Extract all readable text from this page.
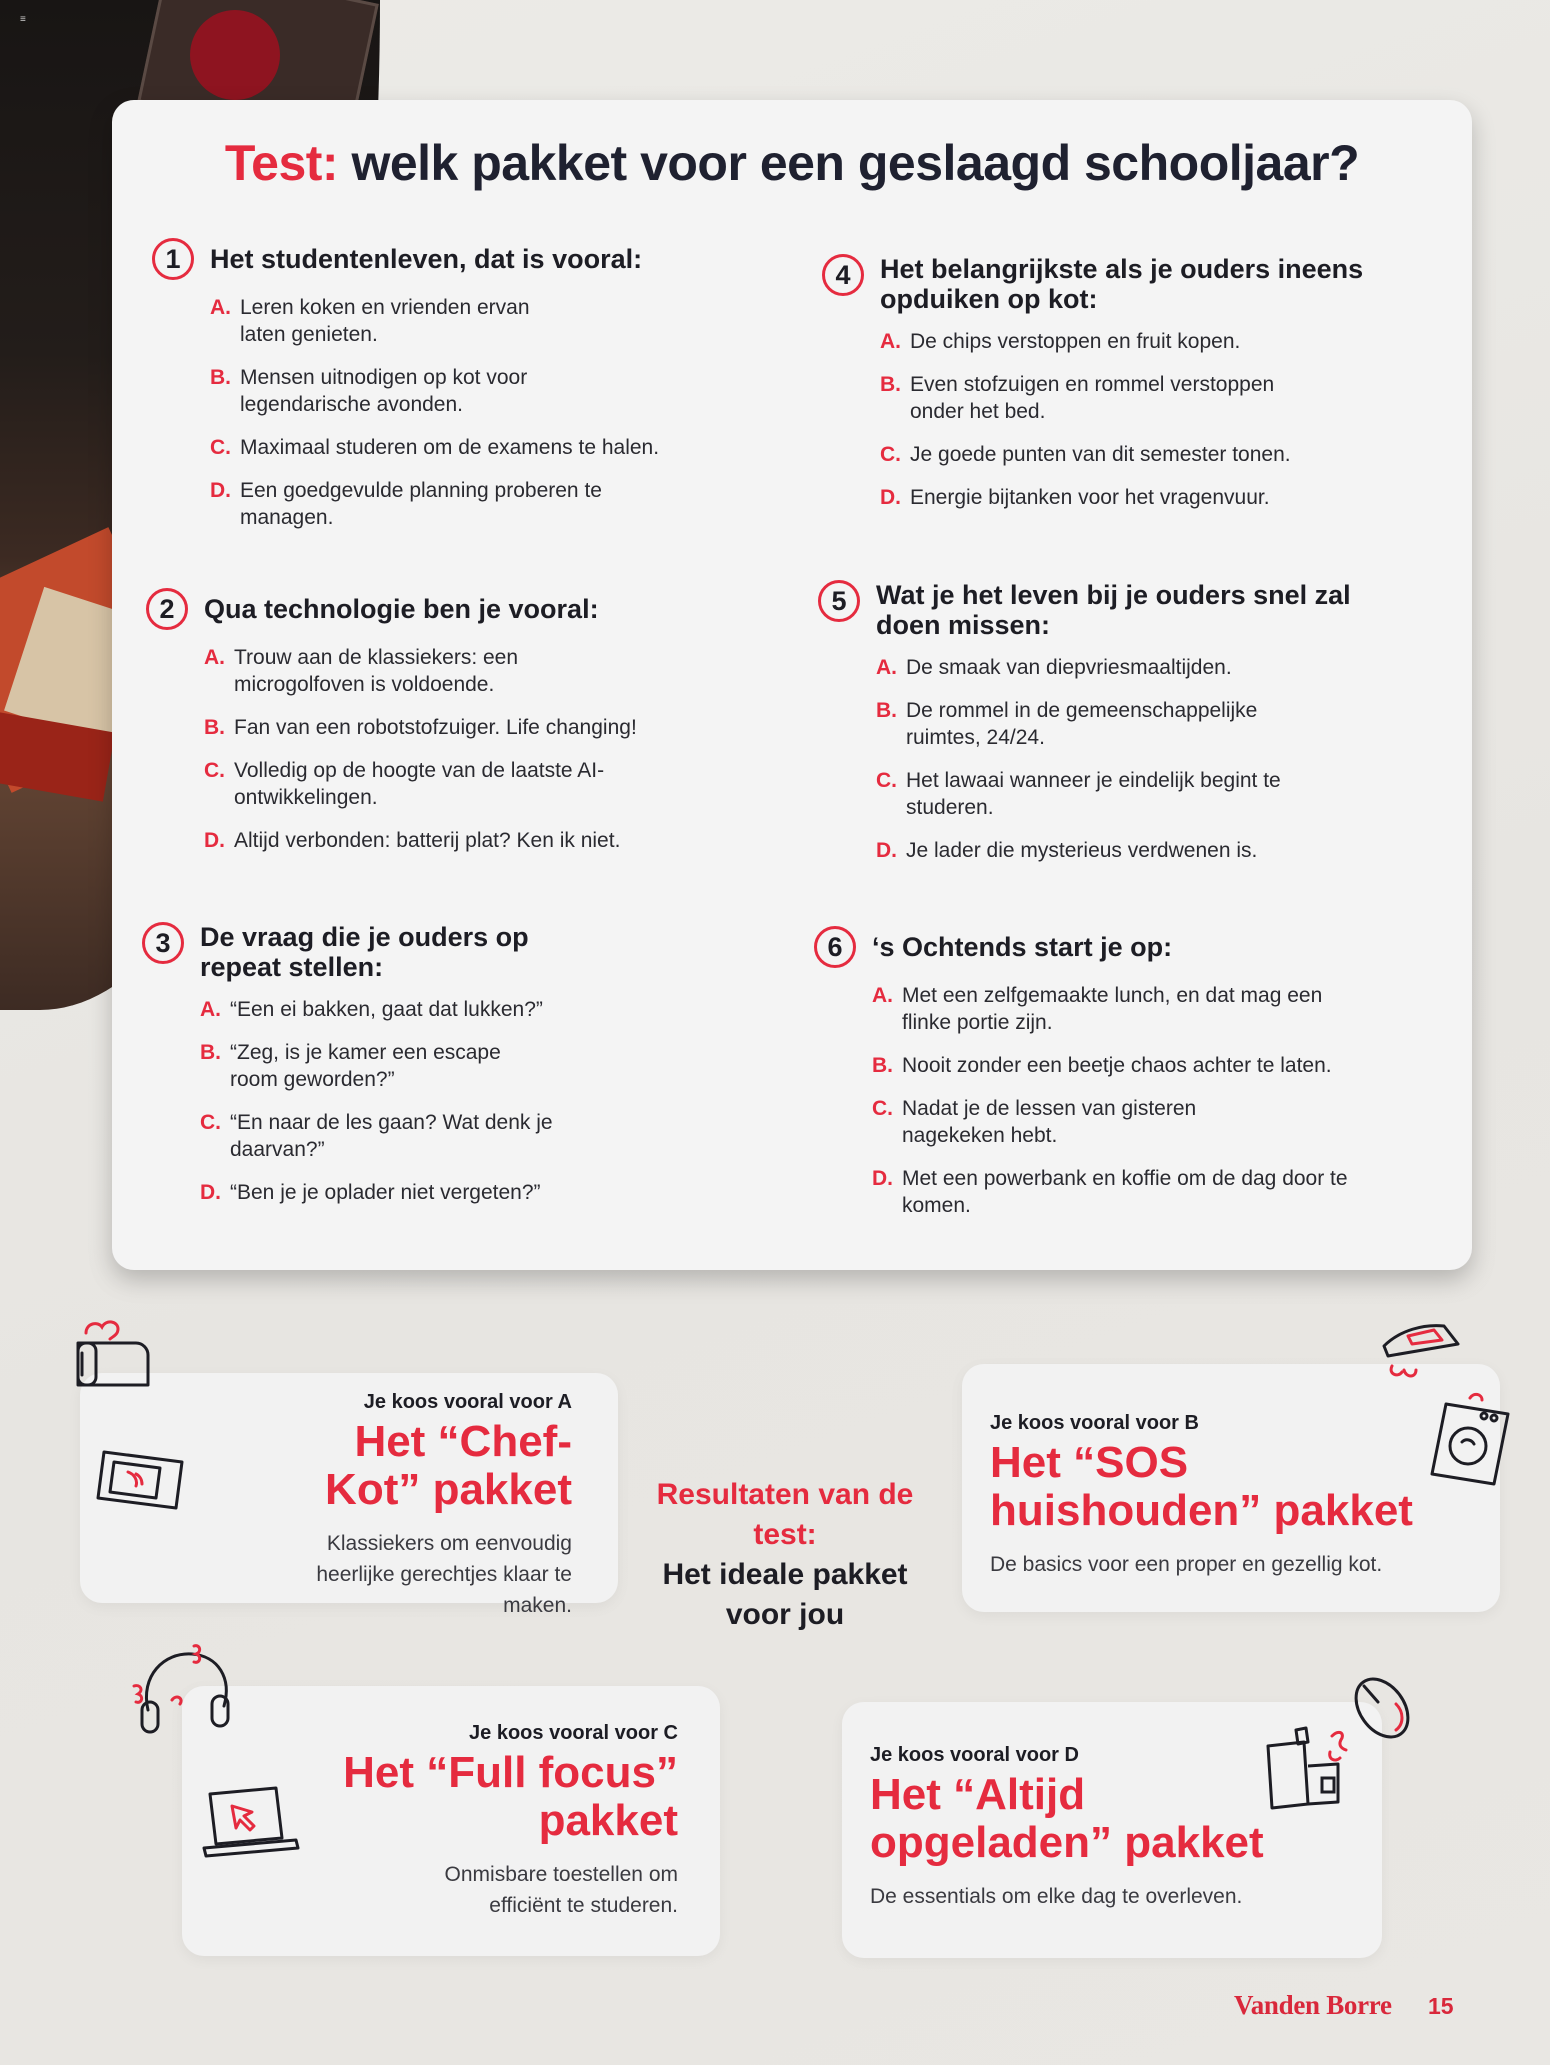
≡
Test: welk pakket voor een geslaagd schooljaar?
1	Het studentenleven, dat is vooral:
A. Leren koken en vrienden ervan laten genieten.
B. Mensen uitnodigen op kot voor legendarische avonden.
C. Maximaal studeren om de examens te halen.
D. Een goedgevulde planning proberen te managen.
2	Qua technologie ben je vooral:
A. Trouw aan de klassiekers: een microgolfoven is voldoende.
B. Fan van een robotstofzuiger. Life changing!
C. Volledig op de hoogte van de laatste AI-ontwikkelingen.
D. Altijd verbonden: batterij plat? Ken ik niet.
3	De vraag die je ouders op repeat stellen:
A. “Een ei bakken, gaat dat lukken?”
B. “Zeg, is je kamer een escape room geworden?”
C. “En naar de les gaan? Wat denk je daarvan?”
D. “Ben je je oplader niet vergeten?”
4	Het belangrijkste als je ouders ineens opduiken op kot:
A. De chips verstoppen en fruit kopen.
B. Even stofzuigen en rommel verstoppen onder het bed.
C. Je goede punten van dit semester tonen.
D. Energie bijtanken voor het vragenvuur.
5	Wat je het leven bij je ouders snel zal doen missen:
A. De smaak van diepvriesmaaltijden.
B. De rommel in de gemeenschappelijke ruimtes, 24/24.
C. Het lawaai wanneer je eindelijk begint te studeren.
D. Je lader die mysterieus verdwenen is.
6	‘s Ochtends start je op:
A. Met een zelfgemaakte lunch, en dat mag een flinke portie zijn.
B. Nooit zonder een beetje chaos achter te laten.
C. Nadat je de lessen van gisteren nagekeken hebt.
D. Met een powerbank en koffie om de dag door te komen.
Resultaten van de test:
Het ideale pakket voor jou
Je koos vooral voor A
Het “Chef-Kot” pakket
Klassiekers om eenvoudig heerlijke gerechtjes klaar te maken.
Je koos vooral voor B
Het “SOS huishouden” pakket
De basics voor een proper en gezellig kot.
Je koos vooral voor C
Het “Full focus” pakket
Onmisbare toestellen om efficiënt te studeren.
Je koos vooral voor D
Het “Altijd opgeladen” pakket
De essentials om elke dag te overleven.
Vanden Borre 15
